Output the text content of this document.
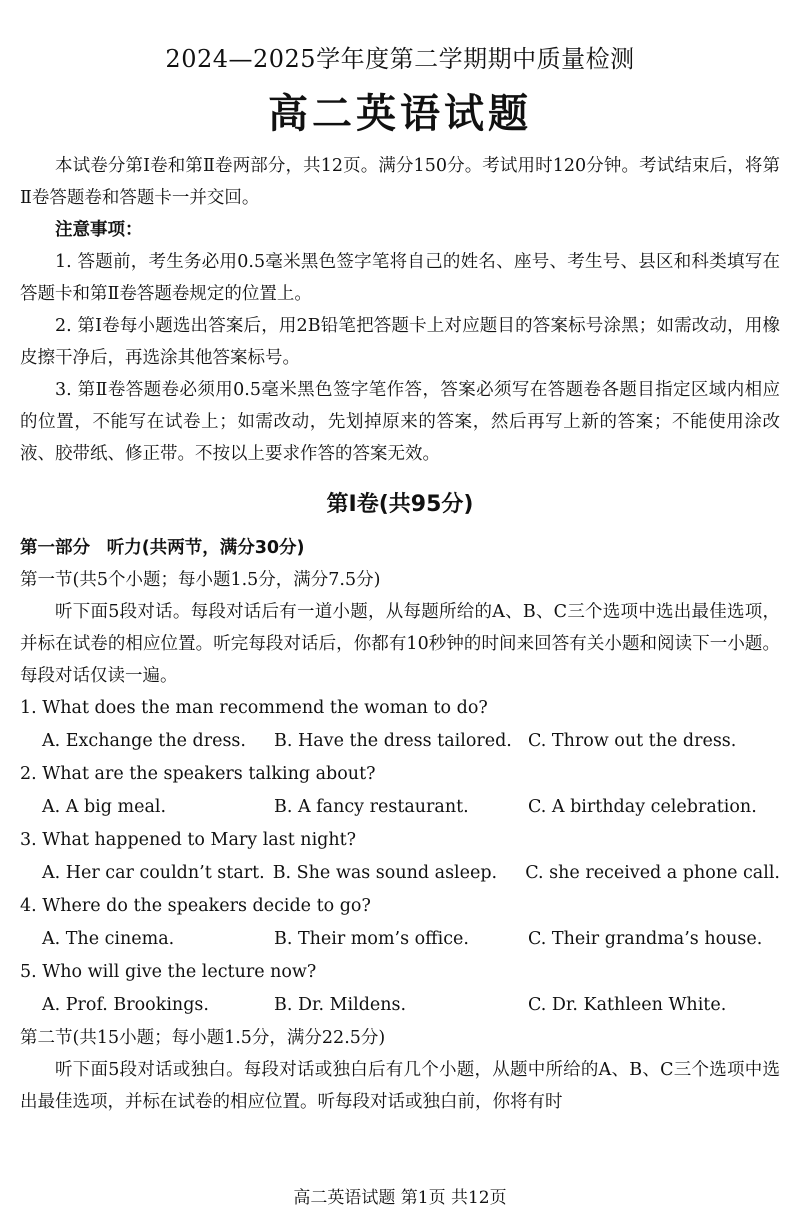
2024—2025学年度第二学期期中质量检测
高二英语试题

本试卷分第Ⅰ卷和第Ⅱ卷两部分，共12页。满分150分。考试用时120分钟。考试结束后，将第Ⅱ卷答题卷和答题卡一并交回。

注意事项：

1. 答题前，考生务必用0.5毫米黑色签字笔将自己的姓名、座号、考生号、县区和科类填写在答题卡和第Ⅱ卷答题卷规定的位置上。

2. 第Ⅰ卷每小题选出答案后，用2B铅笔把答题卡上对应题目的答案标号涂黑；如需改动，用橡皮擦干净后，再选涂其他答案标号。

3. 第Ⅱ卷答题卷必须用0.5毫米黑色签字笔作答，答案必须写在答题卷各题目指定区域内相应的位置，不能写在试卷上；如需改动，先划掉原来的答案，然后再写上新的答案；不能使用涂改液、胶带纸、修正带。不按以上要求作答的答案无效。

第Ⅰ卷(共95分)

第一部分 听力(共两节，满分30分)

第一节(共5个小题；每小题1.5分，满分7.5分)

听下面5段对话。每段对话后有一道小题，从每题所给的A、B、C三个选项中选出最佳选项，并标在试卷的相应位置。听完每段对话后，你都有10秒钟的时间来回答有关小题和阅读下一小题。每段对话仅读一遍。

1. What does the man recommend the woman to do?

A. Exchange the dress.	B. Have the dress tailored. C. Throw out the dress.

2. What are the speakers talking about?

A. A big meal.	B. A fancy restaurant.	C. A birthday celebration.

3. What happened to Mary last night?

A. Her car couldn’t start. B. She was sound asleep.	C. she received a phone call.

4. Where do the speakers decide to go?

A. The cinema.	B. Their mom’s office.	C. Their grandma’s house.

5. Who will give the lecture now?

A. Prof. Brookings.	B. Dr. Mildens.	C. Dr. Kathleen White.

第二节(共15小题；每小题1.5分，满分22.5分)

听下面5段对话或独白。每段对话或独白后有几个小题，从题中所给的A、B、C三个选项中选出最佳选项，并标在试卷的相应位置。听每段对话或独白前，你将有时

高二英语试题 第1页 共12页
